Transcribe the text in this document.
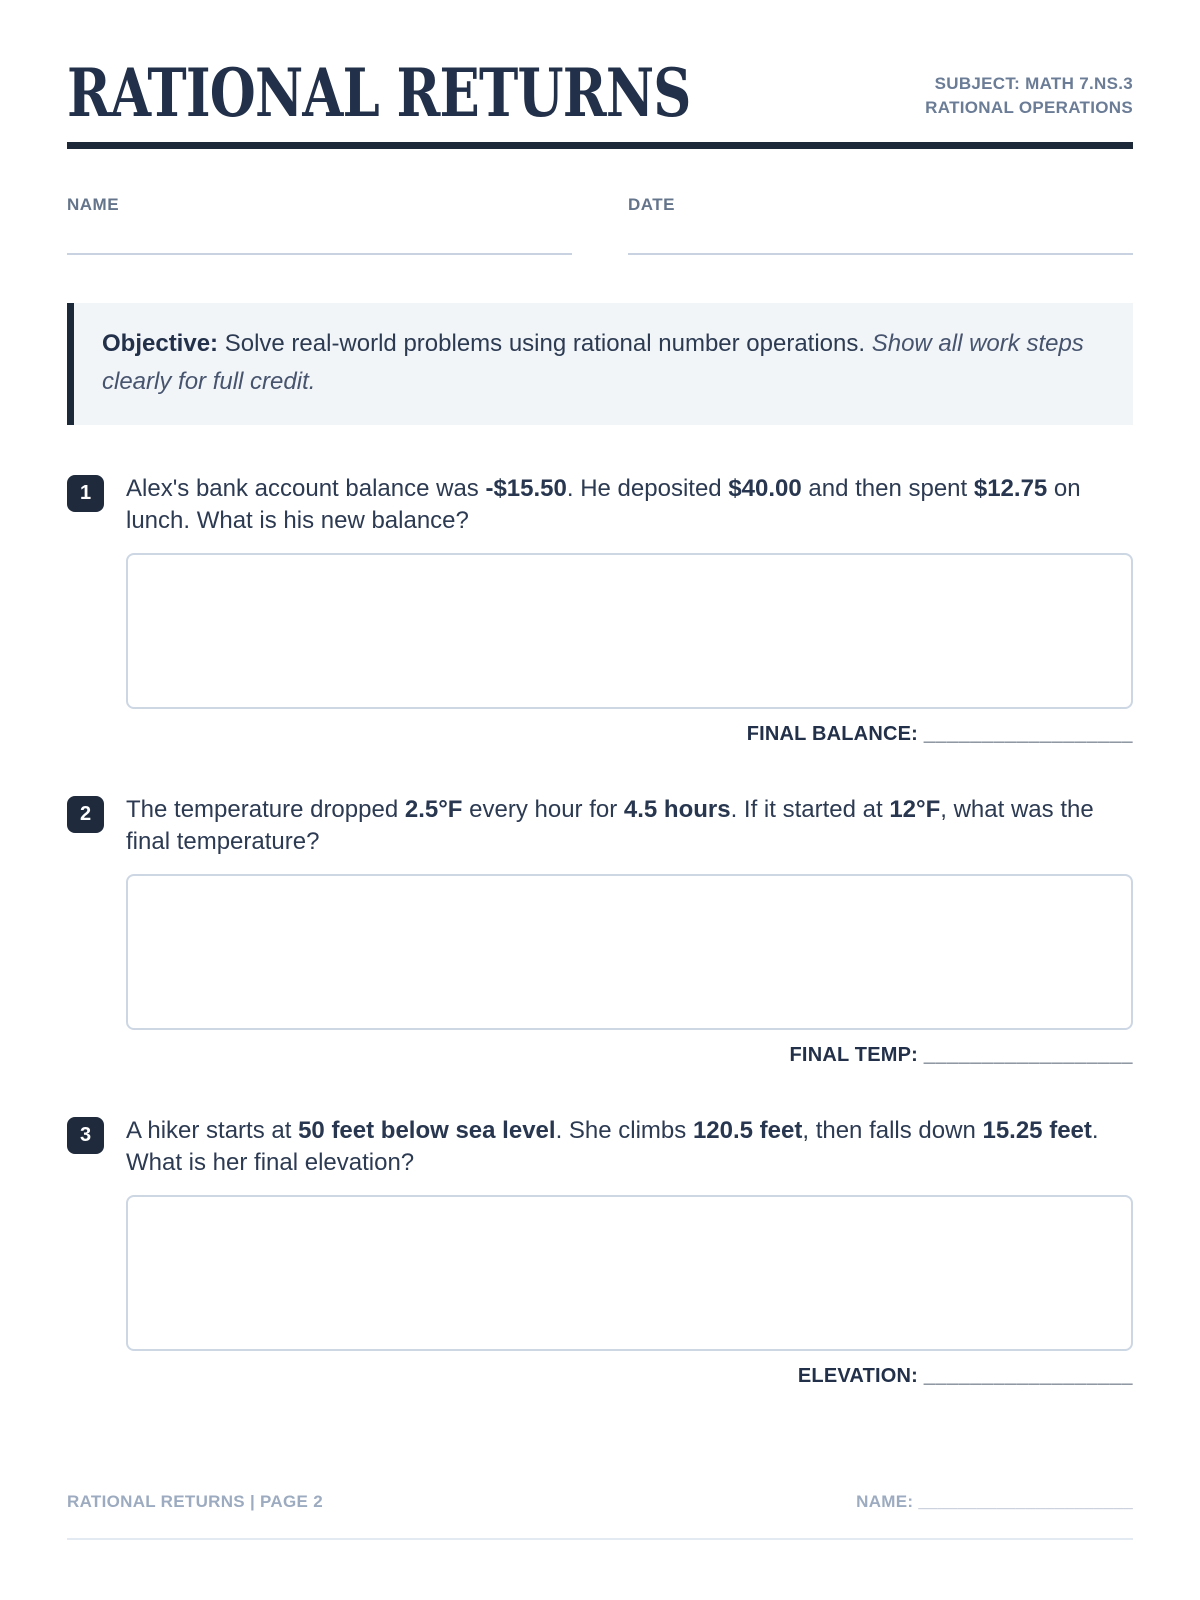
RATIONAL RETURNS	SUBJECT: MATH 7.NS.3
RATIONAL OPERATIONS
NAME	DATE
Objective: Solve real-world problems using rational number operations. Show all work steps clearly for full credit.
1	Alex's bank account balance was -$15.50. He deposited $40.00 and then spent $12.75 on lunch. What is his new balance?
FINAL BALANCE: __________________
2	The temperature dropped 2.5°F every hour for 4.5 hours. If it started at 12°F, what was the final temperature?
FINAL TEMP: __________________
3	A hiker starts at 50 feet below sea level. She climbs 120.5 feet, then falls down 15.25 feet. What is her final elevation?
ELEVATION: __________________
RATIONAL RETURNS | PAGE 2	NAME: ______________________
